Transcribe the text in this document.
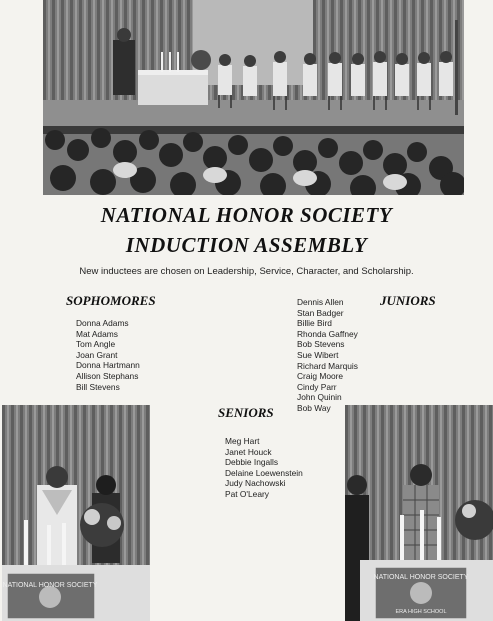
NATIONAL HONOR SOCIETY
INDUCTION ASSEMBLY
New inductees are chosen on Leadership, Service, Character, and Scholarship.
SOPHOMORES
Donna Adams
Mat Adams
Tom Angle
Joan Grant
Donna Hartmann
Allison Stephans
Bill Stevens
JUNIORS
Dennis Allen
Stan Badger
Billie Bird
Rhonda Gaffney
Bob Stevens
Sue Wibert
Richard Marquis
Craig Moore
Cindy Parr
John Quinin
Bob Way
SENIORS
Meg Hart
Janet Houck
Debbie Ingalls
Delaine Loewenstein
Judy Nachowski
Pat O'Leary
NATIONAL HONOR SOCIETY
NATIONAL HONOR SOCIETY
ERA HIGH SCHOOL
